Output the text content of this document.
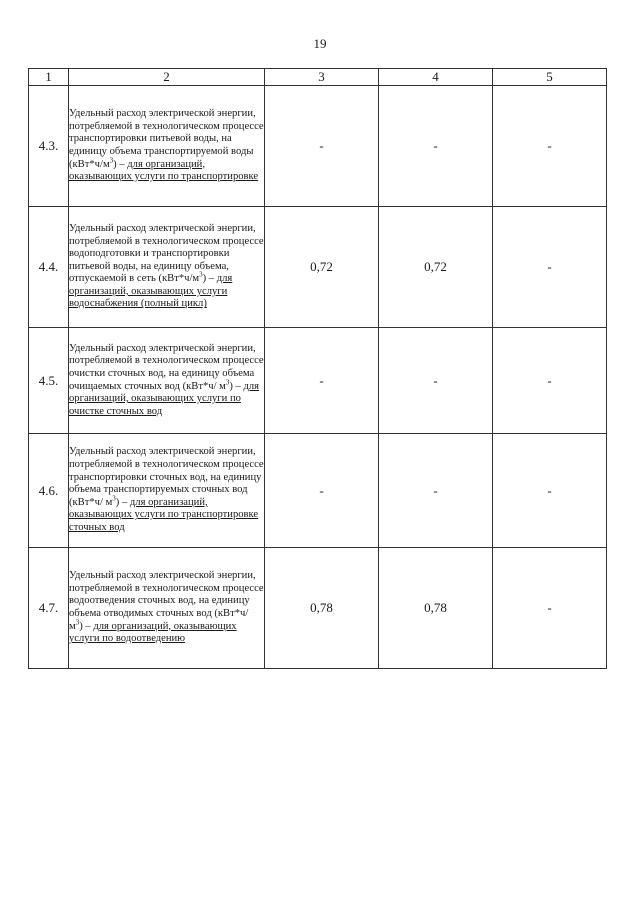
19
1	2	3	4	5
4.3.	Удельный расход электрической энергии, потребляемой в технологическом процессе транспортировки питьевой воды, на единицу объема транспортируемой воды $(кВт*ч/м^3)$ – для организаций, оказывающих услуги по транспортировке	-	-	-
4.4.	Удельный расход электрической энергии, потребляемой в технологическом процессе водоподготовки и транспортировки питьевой воды, на единицу объема, отпускаемой в сеть $(кВт*ч/м^3)$ – для организаций, оказывающих услуги водоснабжения (полный цикл)	0,72	0,72	-
4.5.	Удельный расход электрической энергии, потребляемой в технологическом процессе очистки сточных вод, на единицу объема очищаемых сточных вод (кВт*ч/ $м^3$) – для организаций, оказывающих услуги по очистке сточных вод	-	-	-
4.6.	Удельный расход электрической энергии, потребляемой в технологическом процессе транспортировки сточных вод, на единицу объема транспортируемых сточных вод (кВт*ч/ $м^3$) – для организаций, оказывающих услуги по транспортировке сточных вод	-	-	-
4.7.	Удельный расход электрической энергии, потребляемой в технологическом процессе водоотведения сточных вод, на единицу объема отводимых сточных вод (кВт*ч/ $м^3$) – для организаций, оказывающих услуги по водоотведению	0,78	0,78	-
